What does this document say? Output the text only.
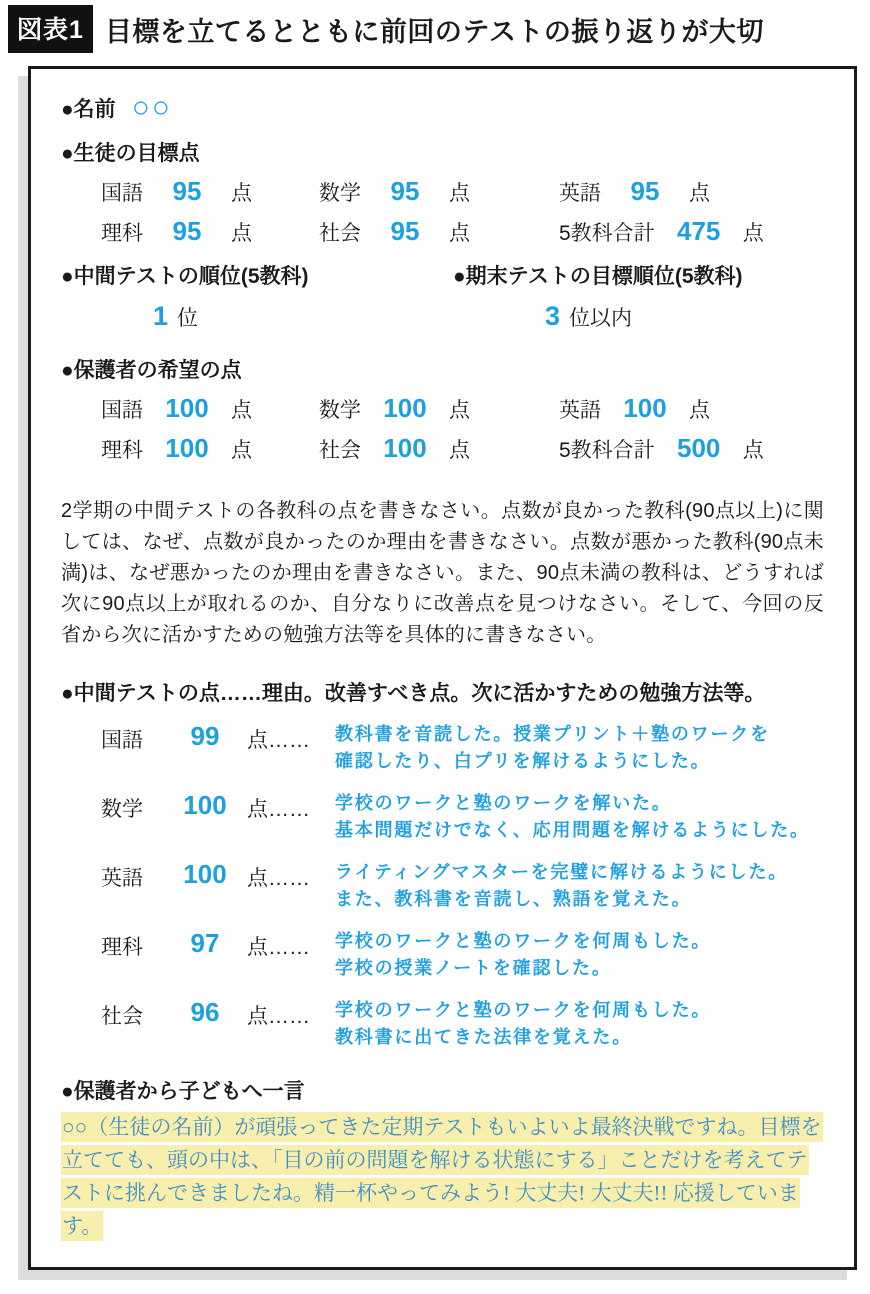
図表1 目標を立てるとともに前回のテストの振り返りが大切
●名前 ○○
●生徒の目標点
国語	95	点	数学	95	点	英語	95	点
理科	95	点	社会	95	点	5教科合計 475	点
●中間テストの順位(5教科)
1 位
●期末テストの目標順位(5教科)
3 位以内
●保護者の希望の点
国語 100	点	数学 100	点	英語 100	点
理科 100	点	社会 100	点	5教科合計 500	点

2学期の中間テストの各教科の点を書きなさい。点数が良かった教科(90点以上)に関しては、なぜ、点数が良かったのか理由を書きなさい。点数が悪かった教科(90点未満)は、なぜ悪かったのか理由を書きなさい。また、90点未満の教科は、どうすれば次に90点以上が取れるのか、自分なりに改善点を見つけなさい。そして、今回の反省から次に活かすための勉強方法等を具体的に書きなさい。

●中間テストの点……理由。改善すべき点。次に活かすための勉強方法等。
国語	99	点……	教科書を音読した。授業プリント＋塾のワークを
確認したり、白プリを解けるようにした。
数学	100 点……	学校のワークと塾のワークを解いた。
基本問題だけでなく、応用問題を解けるようにした。
英語	100 点……	ライティングマスターを完璧に解けるようにした。
また、教科書を音読し、熟語を覚えた。
理科	97	点……	学校のワークと塾のワークを何周もした。
学校の授業ノートを確認した。
社会	96	点……	学校のワークと塾のワークを何周もした。
教科書に出てきた法律を覚えた。
●保護者から子どもへ一言

○○（生徒の名前）が頑張ってきた定期テストもいよいよ最終決戦ですね。目標を立てても、頭の中は、「目の前の問題を解ける状態にする」ことだけを考えてテストに挑んできましたね。精一杯やってみよう! 大丈夫! 大丈夫!! 応援しています。
